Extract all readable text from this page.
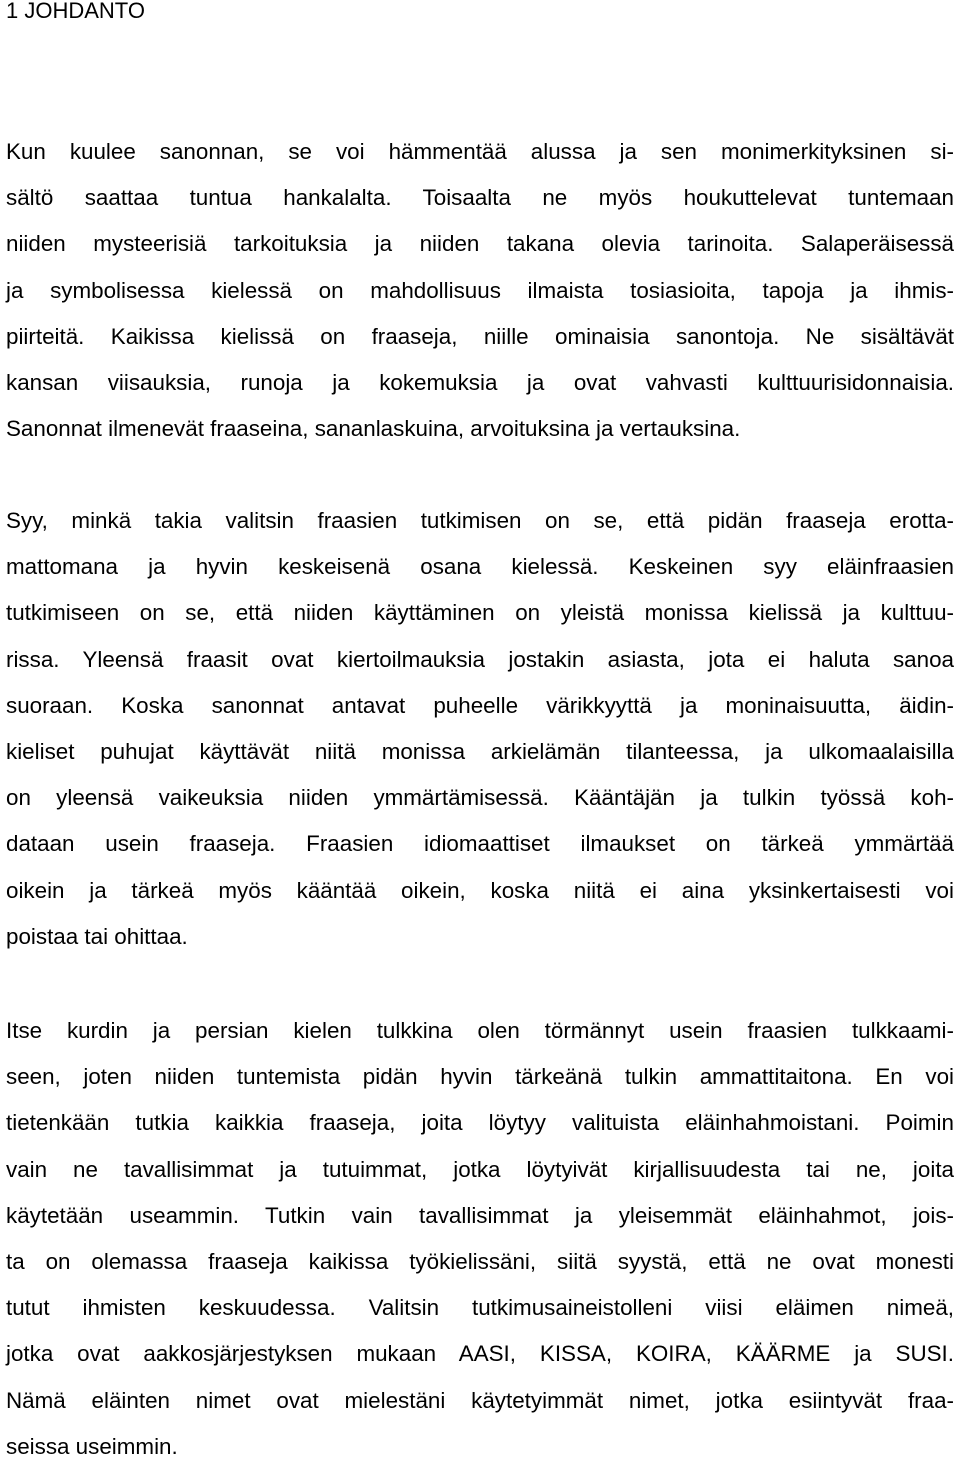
1 JOHDANTO
Kun kuulee sanonnan, se voi hämmentää alussa ja sen monimerkityksinen si-
sältö saattaa tuntua hankalalta. Toisaalta ne myös houkuttelevat tuntemaan
niiden mysteerisiä tarkoituksia ja niiden takana olevia tarinoita. Salaperäisessä
ja symbolisessa kielessä on mahdollisuus ilmaista tosiasioita, tapoja ja ihmis-
piirteitä. Kaikissa kielissä on fraaseja, niille ominaisia sanontoja. Ne sisältävät
kansan viisauksia, runoja ja kokemuksia ja ovat vahvasti kulttuurisidonnaisia.
Sanonnat ilmenevät fraaseina, sananlaskuina, arvoituksina ja vertauksina.
Syy, minkä takia valitsin fraasien tutkimisen on se, että pidän fraaseja erotta-
mattomana ja hyvin keskeisenä osana kielessä. Keskeinen syy eläinfraasien
tutkimiseen on se, että niiden käyttäminen on yleistä monissa kielissä ja kulttuu-
rissa. Yleensä fraasit ovat kiertoilmauksia jostakin asiasta, jota ei haluta sanoa
suoraan. Koska sanonnat antavat puheelle värikkyyttä ja moninaisuutta, äidin-
kieliset puhujat käyttävät niitä monissa arkielämän tilanteessa, ja ulkomaalaisilla
on yleensä vaikeuksia niiden ymmärtämisessä. Kääntäjän ja tulkin työssä koh-
dataan usein fraaseja. Fraasien idiomaattiset ilmaukset on tärkeä ymmärtää
oikein ja tärkeä myös kääntää oikein, koska niitä ei aina yksinkertaisesti voi
poistaa tai ohittaa.
Itse kurdin ja persian kielen tulkkina olen törmännyt usein fraasien tulkkaami-
seen, joten niiden tuntemista pidän hyvin tärkeänä tulkin ammattitaitona. En voi
tietenkään tutkia kaikkia fraaseja, joita löytyy valituista eläinhahmoistani. Poimin
vain ne tavallisimmat ja tutuimmat, jotka löytyivät kirjallisuudesta tai ne, joita
käytetään useammin. Tutkin vain tavallisimmat ja yleisemmät eläinhahmot, jois-
ta on olemassa fraaseja kaikissa työkielissäni, siitä syystä, että ne ovat monesti
tutut ihmisten keskuudessa. Valitsin tutkimusaineistolleni viisi eläimen nimeä,
jotka ovat aakkosjärjestyksen mukaan AASI, KISSA, KOIRA, KÄÄRME ja SUSI.
Nämä eläinten nimet ovat mielestäni käytetyimmät nimet, jotka esiintyvät fraa-
seissa useimmin.
